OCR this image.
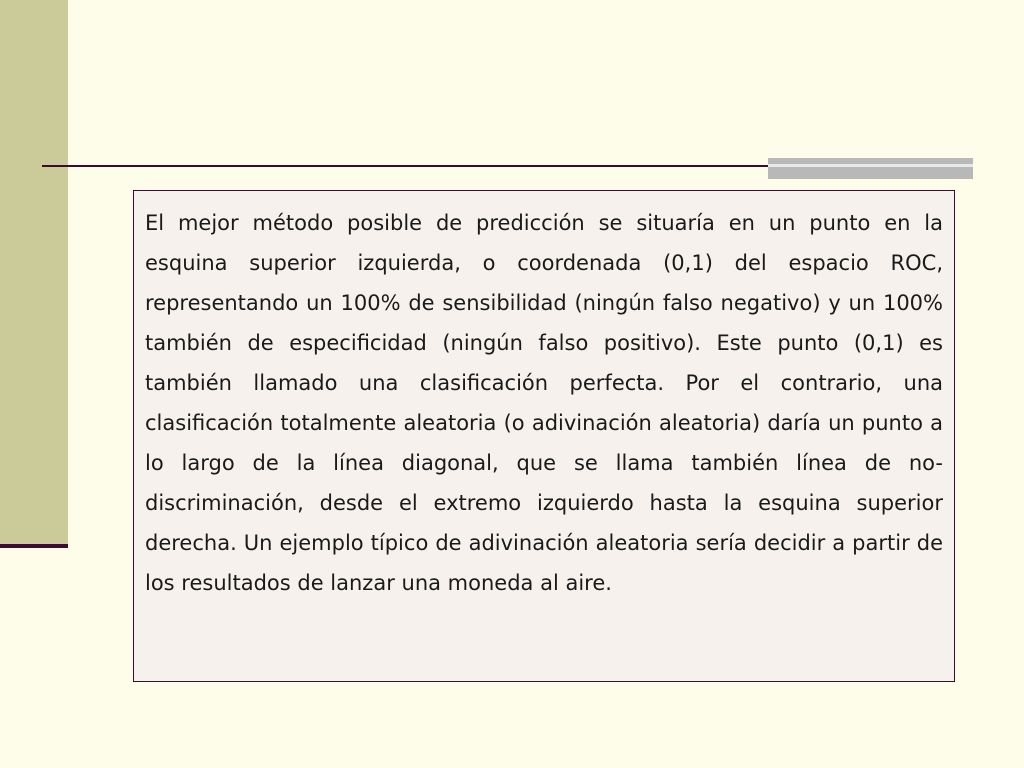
El mejor método posible de predicción se situaría en un punto en la esquina superior izquierda, o coordenada (0,1) del espacio ROC, representando un 100% de sensibilidad (ningún falso negativo) y un 100% también de especificidad (ningún falso positivo). Este punto (0,1) es también llamado una clasificación perfecta. Por el contrario, una clasificación totalmente aleatoria (o adivinación aleatoria) daría un punto a lo largo de la línea diagonal, que se llama también línea de no-discriminación, desde el extremo izquierdo hasta la esquina superior derecha. Un ejemplo típico de adivinación aleatoria sería decidir a partir de los resultados de lanzar una moneda al aire.
